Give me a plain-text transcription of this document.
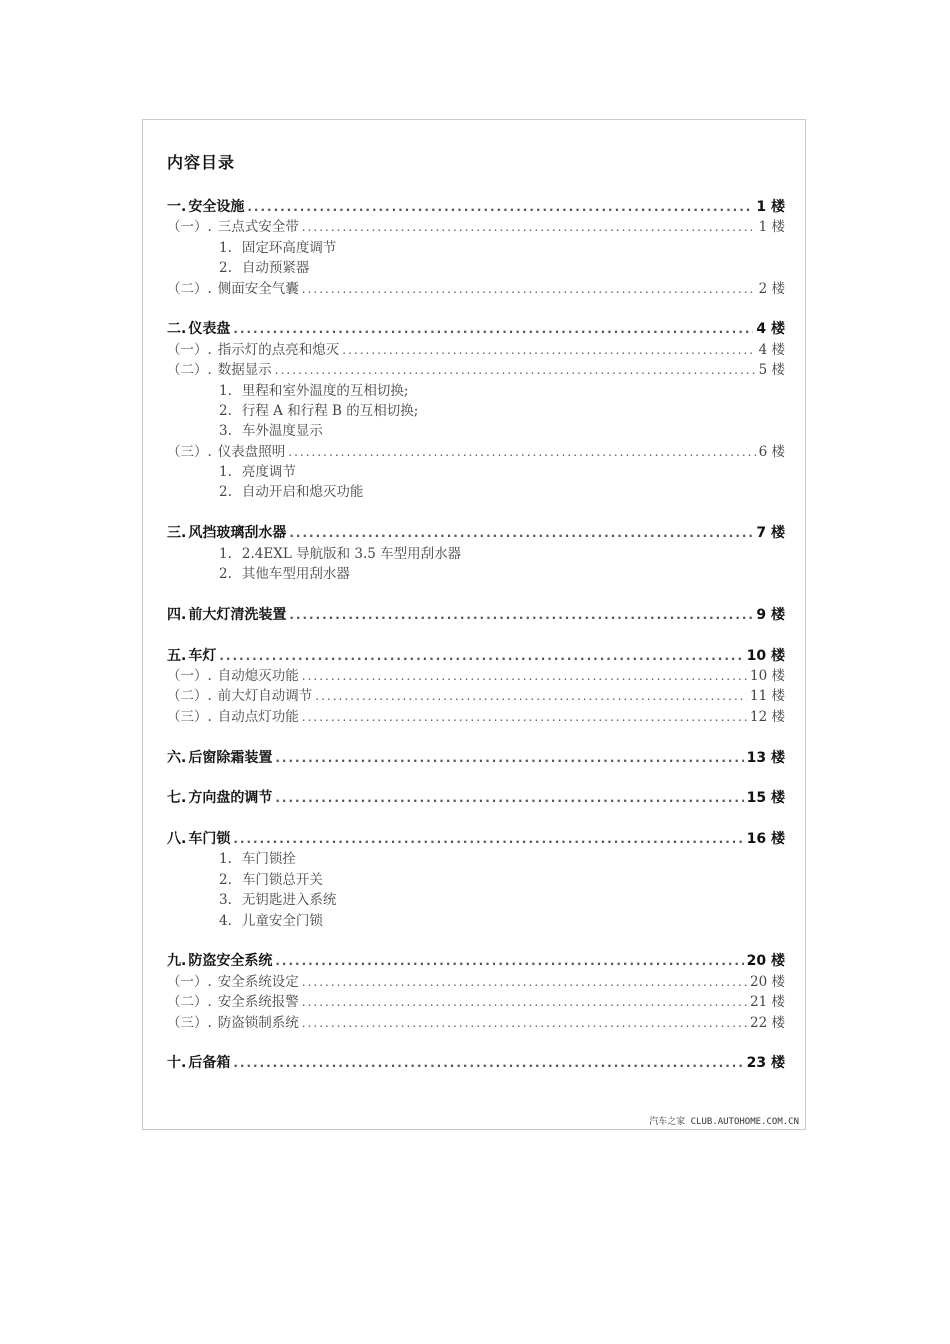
内容目录
一. 安全设施 .....	1 楼
（一）. 三点式安全带 .....	1 楼
1. 固定环高度调节
2. 自动预紧器
（二）. 侧面安全气囊 .....	2 楼
二. 仪表盘 .....	4 楼
（一）. 指示灯的点亮和熄灭 .....	4 楼
（二）. 数据显示 .....	5 楼
1. 里程和室外温度的互相切换;
2. 行程 A 和行程 B 的互相切换;
3. 车外温度显示
（三）. 仪表盘照明 .....	6 楼
1. 亮度调节
2. 自动开启和熄灭功能
三. 风挡玻璃刮水器 .....	7 楼
1. 2.4EXL 导航版和 3.5 车型用刮水器
2. 其他车型用刮水器
四. 前大灯清洗装置 .....	9 楼
五. 车灯 .....	10 楼
（一）. 自动熄灭功能 .....	10 楼
（二）. 前大灯自动调节 .....	11 楼
（三）. 自动点灯功能 .....	12 楼
六. 后窗除霜装置 .....	13 楼
七. 方向盘的调节 .....	15 楼
八. 车门锁 .....	16 楼
1. 车门锁拴
2. 车门锁总开关
3. 无钥匙进入系统
4. 儿童安全门锁
九. 防盗安全系统 .....	20 楼
（一）. 安全系统设定 .....	20 楼
（二）. 安全系统报警 .....	21 楼
（三）. 防盗锁制系统 .....	22 楼
十. 后备箱 .....	23 楼
汽车之家 CLUB.AUTOHOME.COM.CN
